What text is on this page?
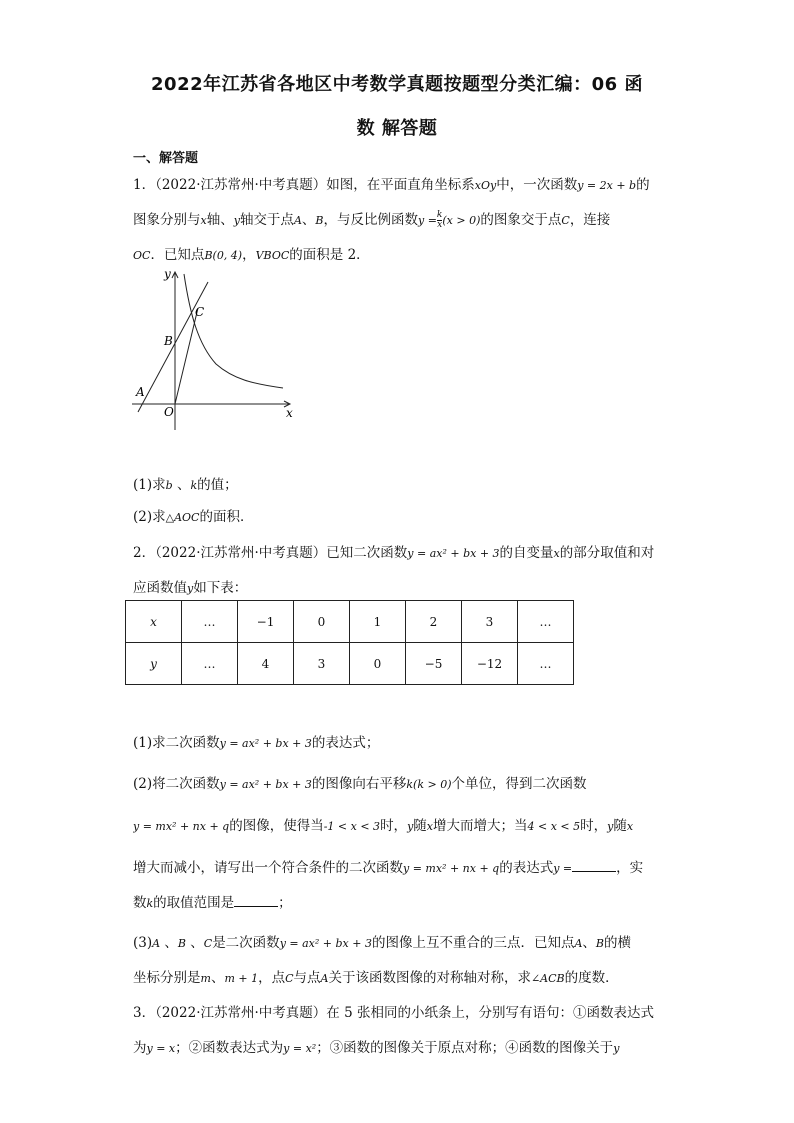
2022年江苏省各地区中考数学真题按题型分类汇编：06 函
数 解答题
一、解答题
1．（2022·江苏常州·中考真题）如图，在平面直角坐标系xOy中，一次函数y = 2x + b的
图象分别与x轴、y轴交于点A、B，与反比例函数$y = \frac{k}{x} (x > 0)$的图象交于点C，连接
OC．已知点B(0, 4)，VBOC的面积是 2．
y
x
C
B
A
O
(1)求b 、k的值；
(2)求△AOC的面积．
2．（2022·江苏常州·中考真题）已知二次函数y = ax² + bx + 3的自变量x的部分取值和对
应函数值y如下表：
x	…	−1	0	1	2	3	…
y	…	4	3	0	−5	−12	…
(1)求二次函数y = ax² + bx + 3的表达式；
(2)将二次函数y = ax² + bx + 3的图像向右平移k(k > 0)个单位，得到二次函数
y = mx² + nx + q的图像，使得当-1 < x < 3时，y随x增大而增大；当4 < x < 5时，y随x
增大而减小，请写出一个符合条件的二次函数y = mx² + nx + q的表达式y =	，实
数k的取值范围是	；
(3)A 、B 、C是二次函数y = ax² + bx + 3的图像上互不重合的三点．已知点A、B的横
坐标分别是m、m + 1，点C与点A关于该函数图像的对称轴对称，求∠ACB的度数．
3．（2022·江苏常州·中考真题）在 5 张相同的小纸条上，分别写有语句：①函数表达式
为y = x；②函数表达式为y = x²；③函数的图像关于原点对称；④函数的图像关于y
